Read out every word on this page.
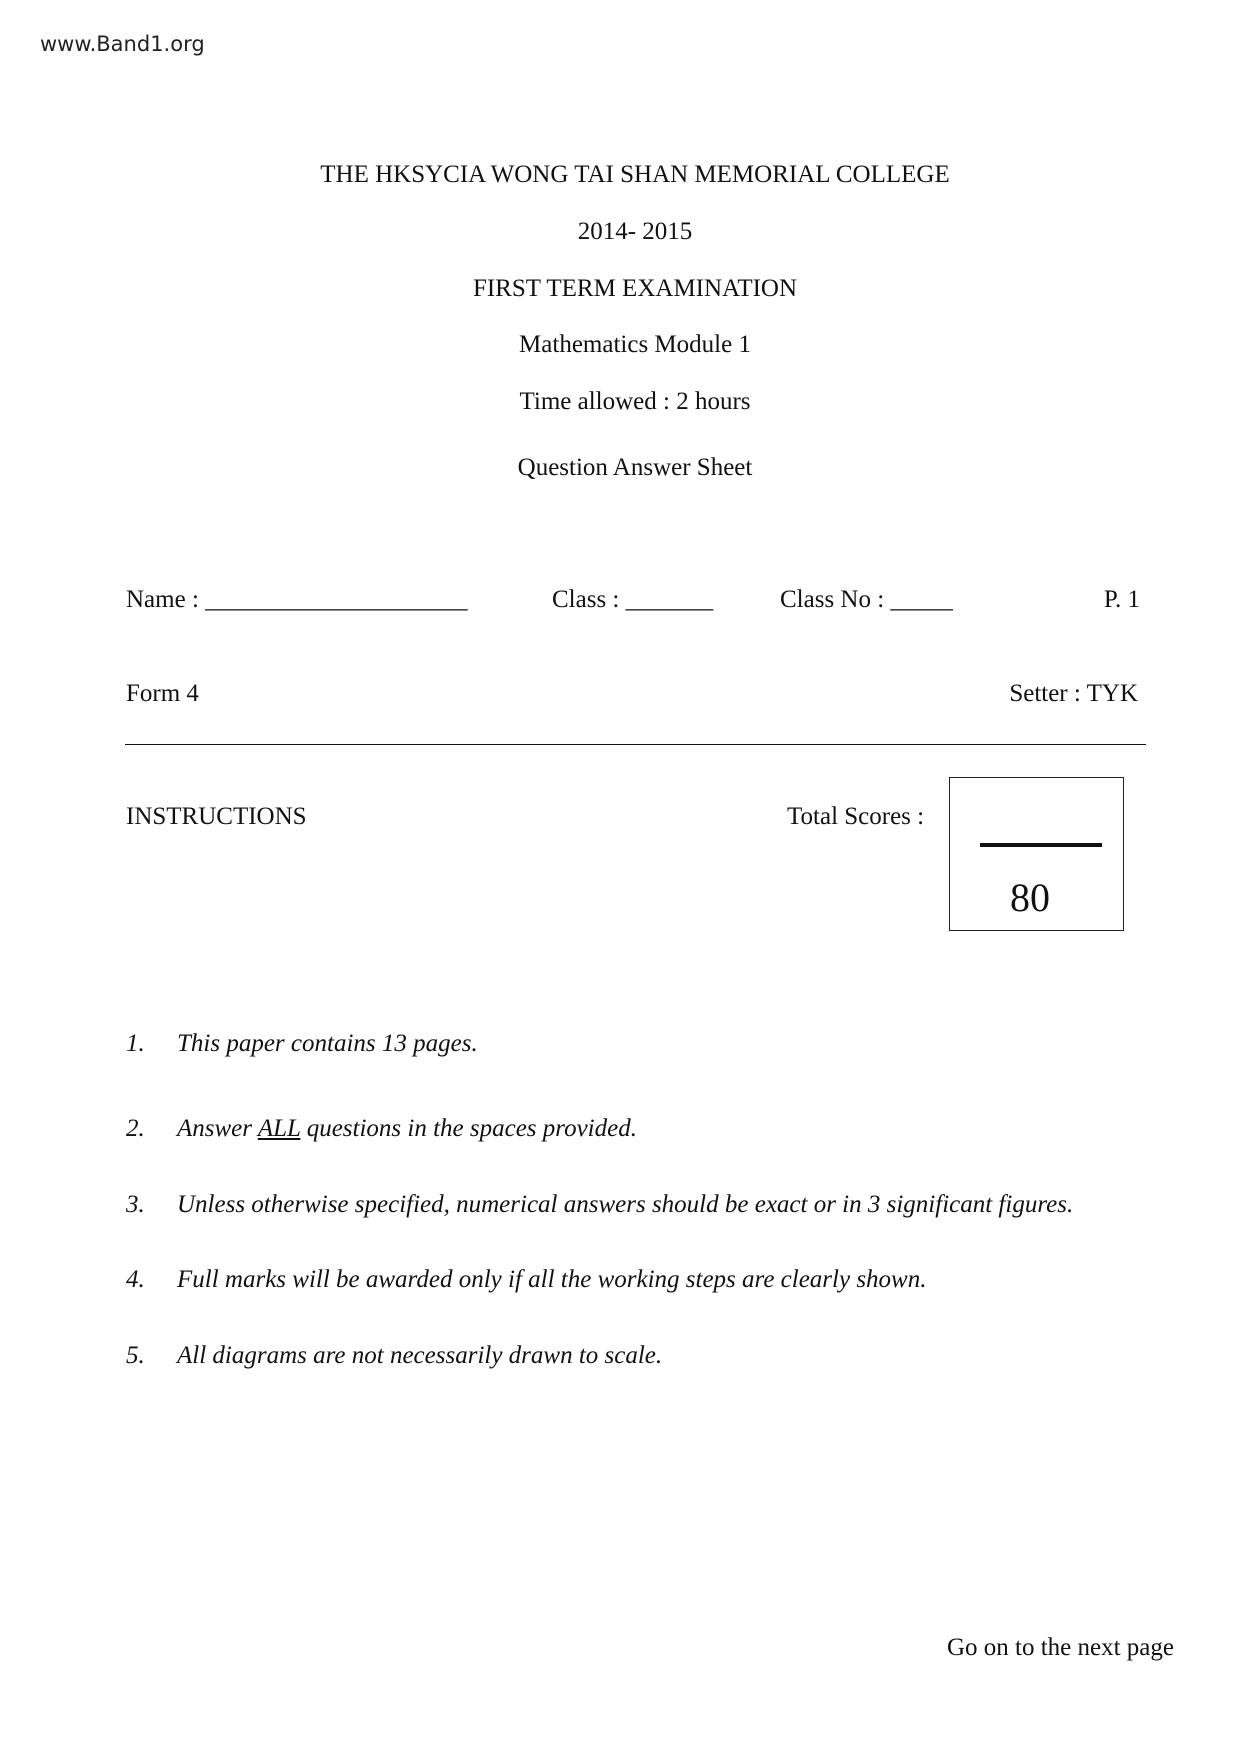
www.Band1.org
THE HKSYCIA WONG TAI SHAN MEMORIAL COLLEGE
2014- 2015
FIRST TERM EXAMINATION
Mathematics Module 1
Time allowed : 2 hours
Question Answer Sheet
Name : _____________________	Class : _______	Class No : _____	P. 1
Form 4	Setter : TYK
INSTRUCTIONS	Total Scores :
80
1. This paper contains 13 pages.
2. Answer ALL questions in the spaces provided.
3. Unless otherwise specified, numerical answers should be exact or in 3 significant figures.
4. Full marks will be awarded only if all the working steps are clearly shown.
5. All diagrams are not necessarily drawn to scale.
Go on to the next page
